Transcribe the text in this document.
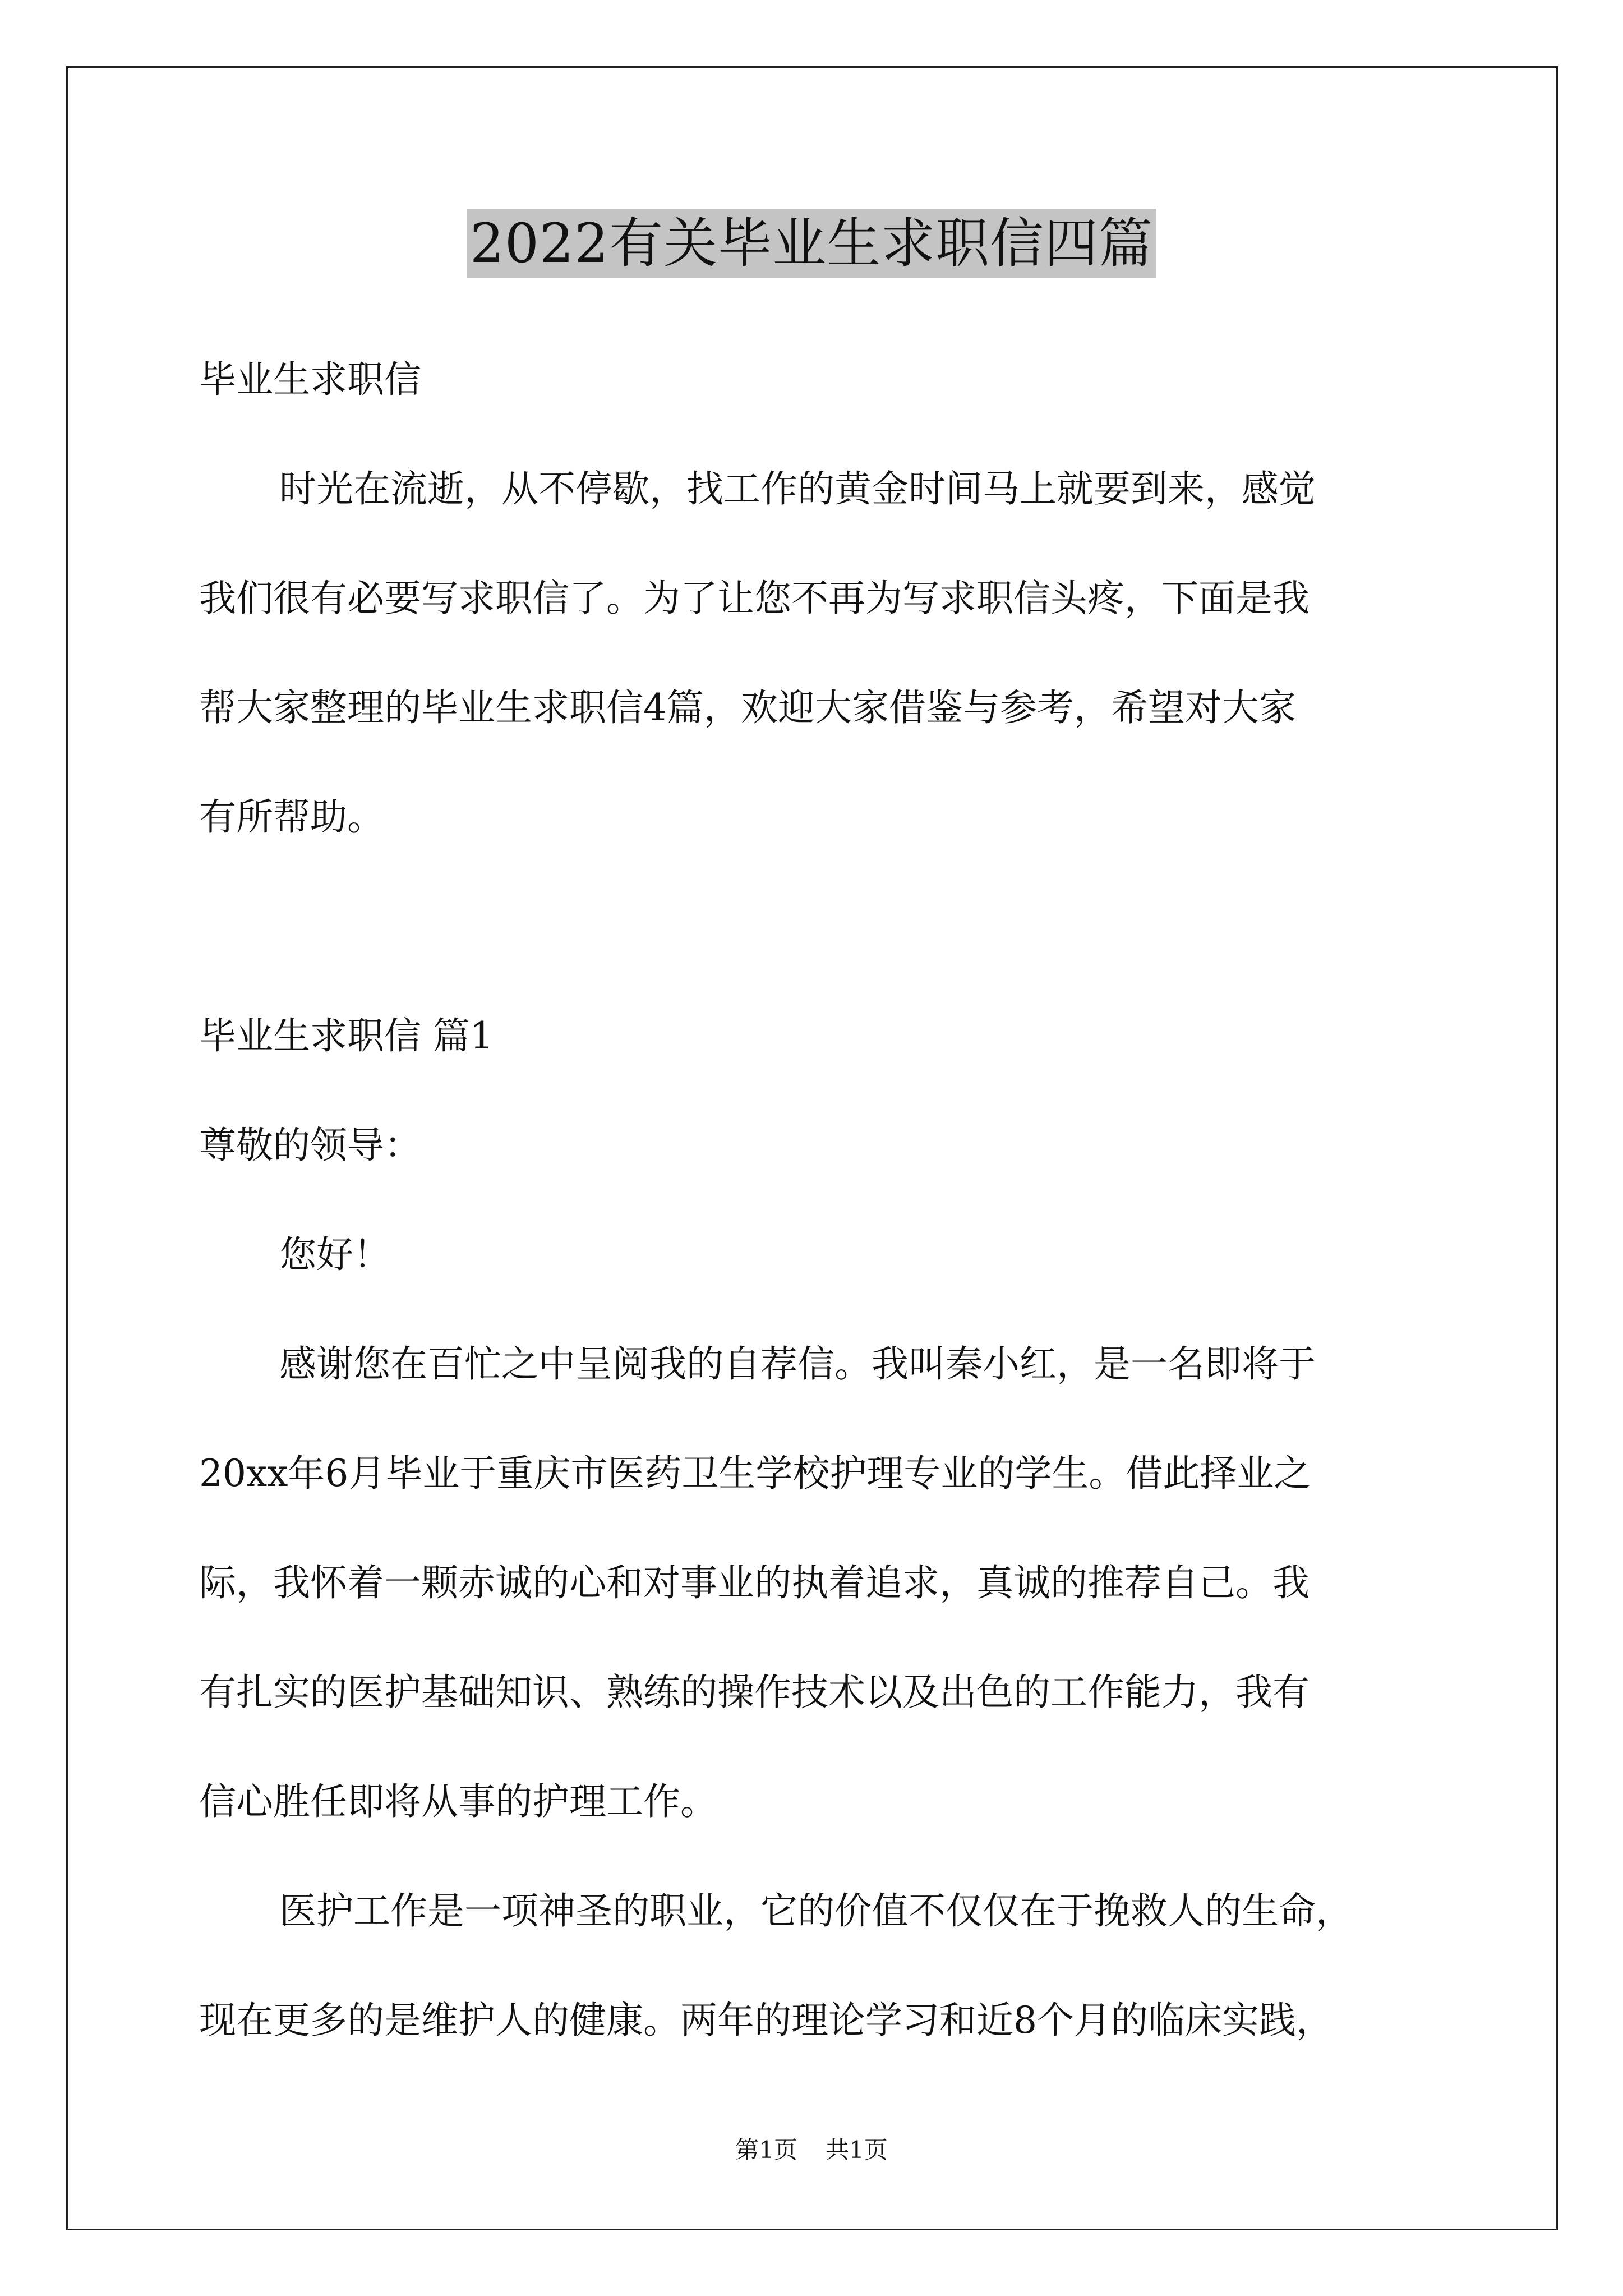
2022有关毕业生求职信四篇
毕业生求职信
时光在流逝，从不停歇，找工作的黄金时间马上就要到来，感觉
我们很有必要写求职信了。为了让您不再为写求职信头疼，下面是我
帮大家整理的毕业生求职信4篇，欢迎大家借鉴与参考，希望对大家
有所帮助。
毕业生求职信 篇1
尊敬的领导：
您好！
感谢您在百忙之中呈阅我的自荐信。我叫秦小红，是一名即将于
20xx年6月毕业于重庆市医药卫生学校护理专业的学生。借此择业之
际，我怀着一颗赤诚的心和对事业的执着追求，真诚的推荐自己。我
有扎实的医护基础知识、熟练的操作技术以及出色的工作能力，我有
信心胜任即将从事的护理工作。
医护工作是一项神圣的职业，它的价值不仅仅在于挽救人的生命，
现在更多的是维护人的健康。两年的理论学习和近8个月的临床实践，
第1页 共1页
